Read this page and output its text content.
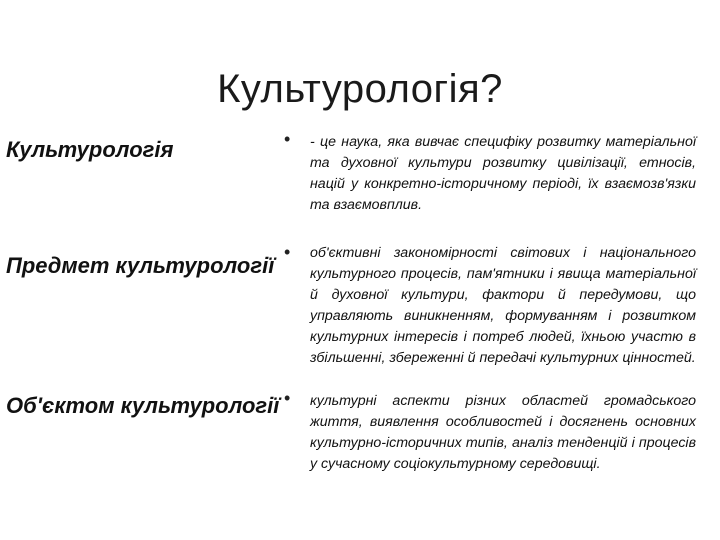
Культурологія?
Культурологія	• - це наука, яка вивчає специфіку розвитку матеріальної та духовної культури розвитку цивілізації, етносів, націй у конкретно-історичному періоді, їх взаємозв'язки та взаємовплив.
Предмет культурології
• об'єктивні закономірності світових і національного культурного процесів, пам'ятники і явища матеріальної й духовної культури, фактори й передумови, що управляють виникненням, формуванням і розвитком культурних інтересів і потреб людей, їхньою участю в збільшенні, збереженні й передачі культурних цінностей.
Об'єктом культурології • культурні аспекти різних областей громадського життя, виявлення особливостей і досягнень основних культурно-історичних типів, аналіз тенденцій і процесів у сучасному соціокультурному середовищі.
